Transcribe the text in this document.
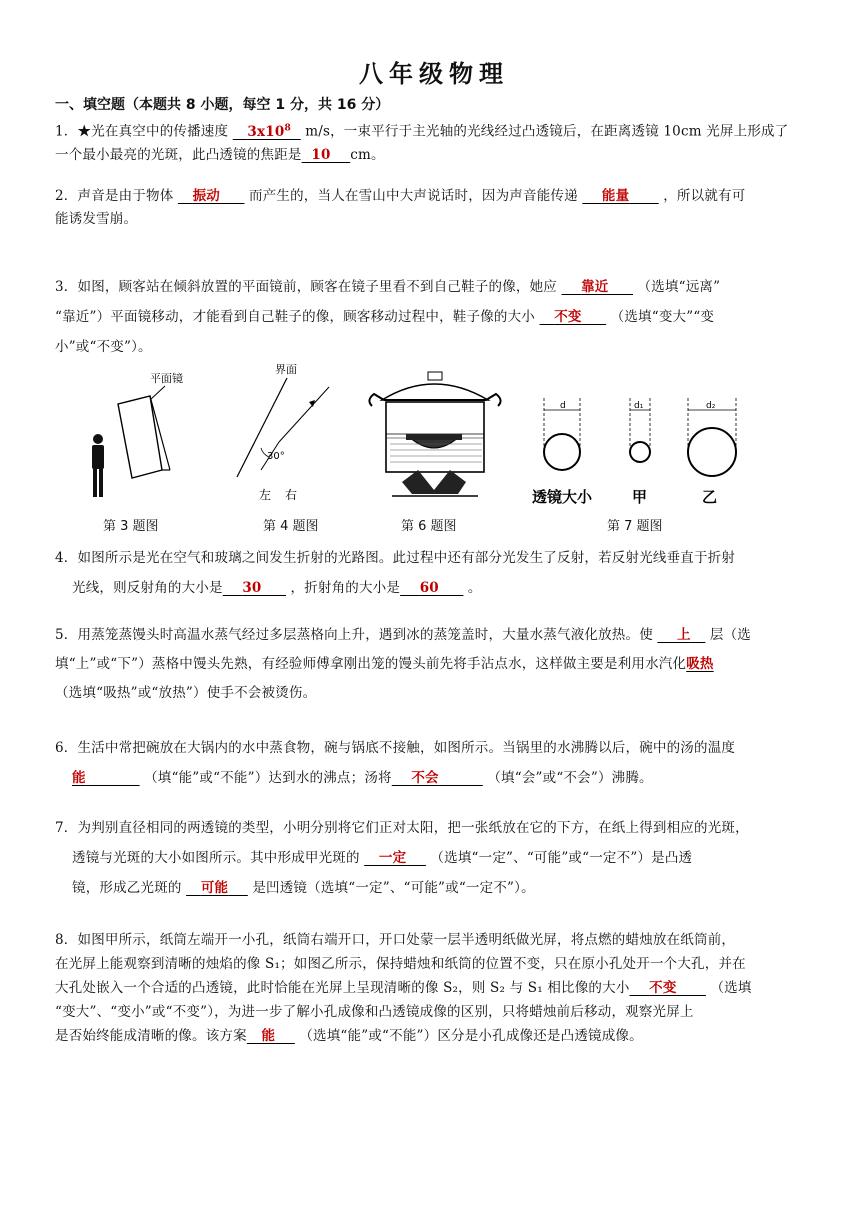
八年级物理
一、填空题（本题共 8 小题，每空 1 分，共 16 分）
1．★光在真空中的传播速度 $3x10^8$ m/s，一束平行于主光轴的光线经过凸透镜后，在距离透镜 10cm 光屏上形成了
一个最小最亮的光斑，此凸透镜的焦距是 10 cm。
2．声音是由于物体 振动 而产生的，当人在雪山中大声说话时，因为声音能传递 能量	，所以就有可
能诱发雪崩。
3．如图，顾客站在倾斜放置的平面镜前，顾客在镜子里看不到自己鞋子的像，她应 靠近 （选填“远离”
“靠近”）平面镜移动，才能看到自己鞋子的像，顾客移动过程中，鞋子像的大小 不变 （选填“变大”“变
小”或“不变”）。
平面镜
界面
30°
左 右
d	d₁	d₂
透镜大小	甲	乙
第 3 题图	第 4 题图	第 6 题图	第 7 题图
4．如图所示是光在空气和玻璃之间发生折射的光路图。此过程中还有部分光发生了反射，若反射光线垂直于折射
光线，则反射角的大小是 30 ，折射角的大小是 60 。
5．用蒸笼蒸馒头时高温水蒸气经过多层蒸格向上升，遇到冰的蒸笼盖时，大量水蒸气液化放热。使 上 层（选
填“上”或“下”）蒸格中馒头先熟，有经验师傅拿刚出笼的馒头前先将手沾点水，这样做主要是利用水汽化吸热
（选填“吸热”或“放热”）使手不会被烫伤。
6．生活中常把碗放在大锅内的水中蒸食物，碗与锅底不接触，如图所示。当锅里的水沸腾以后，碗中的汤的温度
能	（填“能”或“不能”）达到水的沸点；汤将 不会	（填“会”或“不会”）沸腾。
7．为判别直径相同的两透镜的类型，小明分别将它们正对太阳，把一张纸放在它的下方，在纸上得到相应的光斑，
透镜与光斑的大小如图所示。其中形成甲光斑的 一定 （选填“一定”、“可能”或“一定不”）是凸透
镜，形成乙光斑的 可能 是凹透镜（选填“一定”、“可能”或“一定不”）。
8．如图甲所示，纸筒左端开一小孔，纸筒右端开口，开口处蒙一层半透明纸做光屏，将点燃的蜡烛放在纸筒前，
在光屏上能观察到清晰的烛焰的像 S₁；如图乙所示，保持蜡烛和纸筒的位置不变，只在原小孔处开一个大孔，并在
大孔处嵌入一个合适的凸透镜，此时恰能在光屏上呈现清晰的像 S₂，则 S₂ 与 S₁ 相比像的大小 不变	（选填
“变大”、“变小”或“不变”），为进一步了解小孔成像和凸透镜成像的区别，只将蜡烛前后移动，观察光屏上
是否始终能成清晰的像。该方案 能 （选填“能”或“不能”）区分是小孔成像还是凸透镜成像。
